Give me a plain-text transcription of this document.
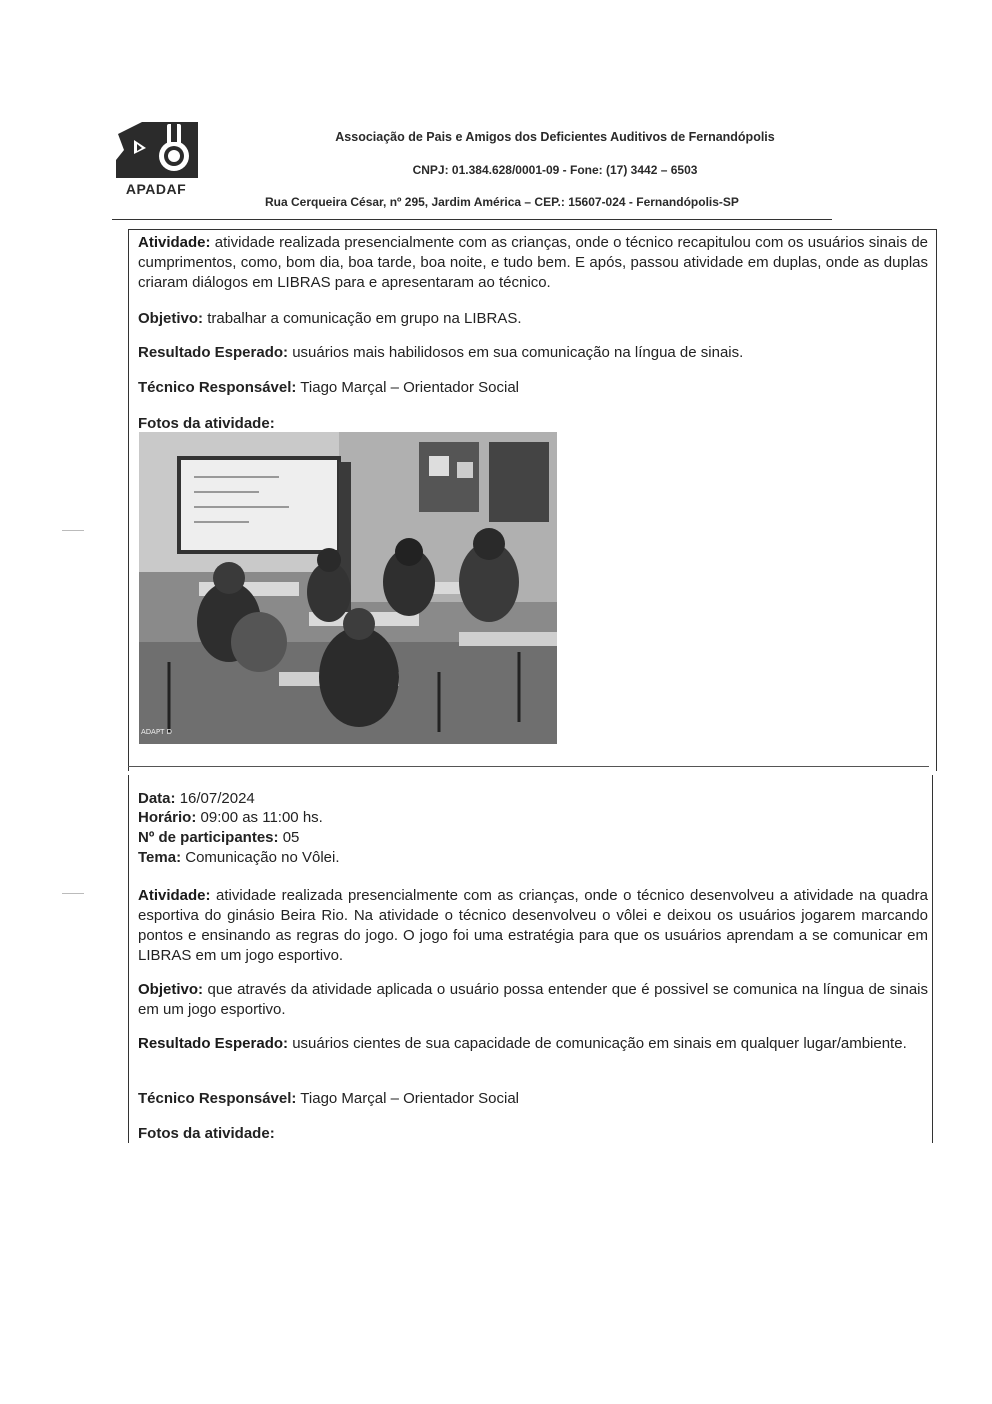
APADAF
Associação de Pais e Amigos dos Deficientes Auditivos de Fernandópolis
CNPJ: 01.384.628/0001-09 - Fone: (17) 3442 – 6503
Rua Cerqueira César, nº 295, Jardim América – CEP.: 15607-024 - Fernandópolis-SP
Atividade: atividade realizada presencialmente com as crianças, onde o técnico recapitulou com os usuários sinais de cumprimentos, como, bom dia, boa tarde, boa noite, e tudo bem. E após, passou atividade em duplas, onde as duplas criaram diálogos em LIBRAS para e apresentaram ao técnico.
Objetivo: trabalhar a comunicação em grupo na LIBRAS.
Resultado Esperado: usuários mais habilidosos em sua comunicação na língua de sinais.
Técnico Responsável: Tiago Marçal – Orientador Social
Fotos da atividade:
ADAPT D
Data: 16/07/2024
Horário: 09:00 as 11:00 hs.
Nº de participantes: 05
Tema: Comunicação no Vôlei.
Atividade: atividade realizada presencialmente com as crianças, onde o técnico desenvolveu a atividade na quadra esportiva do ginásio Beira Rio. Na atividade o técnico desenvolveu o vôlei e deixou os usuários jogarem marcando pontos e ensinando as regras do jogo. O jogo foi uma estratégia para que os usuários aprendam a se comunicar em LIBRAS em um jogo esportivo.
Objetivo: que através da atividade aplicada o usuário possa entender que é possivel se comunica na língua de sinais em um jogo esportivo.
Resultado Esperado: usuários cientes de sua capacidade de comunicação em sinais em qualquer lugar/ambiente.
Técnico Responsável: Tiago Marçal – Orientador Social
Fotos da atividade:
